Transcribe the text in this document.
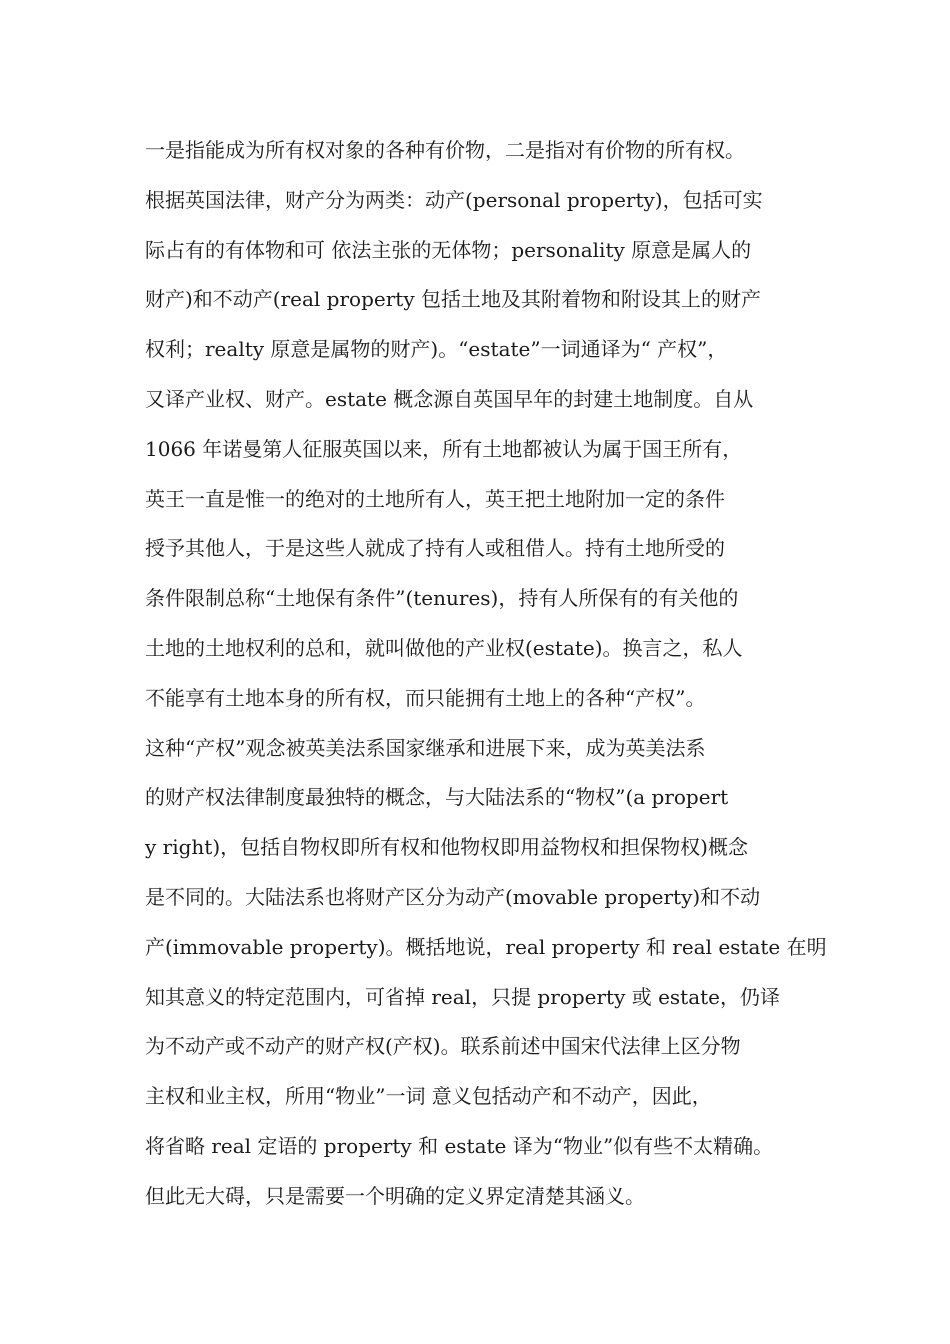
一是指能成为所有权对象的各种有价物，二是指对有价物的所有权。
根据英国法律，财产分为两类：动产(personal property)，包括可实
际占有的有体物和可 依法主张的无体物；personality 原意是属人的
财产)和不动产(real property 包括土地及其附着物和附设其上的财产
权利；realty 原意是属物的财产)。“estate”一词通译为“ 产权”，
又译产业权、财产。estate 概念源自英国早年的封建土地制度。自从
1066 年诺曼第人征服英国以来，所有土地都被认为属于国王所有，
英王一直是惟一的绝对的土地所有人，英王把土地附加一定的条件
授予其他人，于是这些人就成了持有人或租借人。持有土地所受的
条件限制总称“土地保有条件”(tenures)，持有人所保有的有关他的
土地的土地权利的总和，就叫做他的产业权(estate)。换言之，私人
不能享有土地本身的所有权，而只能拥有土地上的各种“产权”。
这种“产权”观念被英美法系国家继承和进展下来，成为英美法系
的财产权法律制度最独特的概念，与大陆法系的“物权”(a propert
y right)，包括自物权即所有权和他物权即用益物权和担保物权)概念
是不同的。大陆法系也将财产区分为动产(movable property)和不动
产(immovable property)。概括地说，real property 和 real estate 在明
知其意义的特定范围内，可省掉 real，只提 property 或 estate，仍译
为不动产或不动产的财产权(产权)。联系前述中国宋代法律上区分物
主权和业主权，所用“物业”一词 意义包括动产和不动产，因此，
将省略 real 定语的 property 和 estate 译为“物业”似有些不太精确。
但此无大碍，只是需要一个明确的定义界定清楚其涵义。
